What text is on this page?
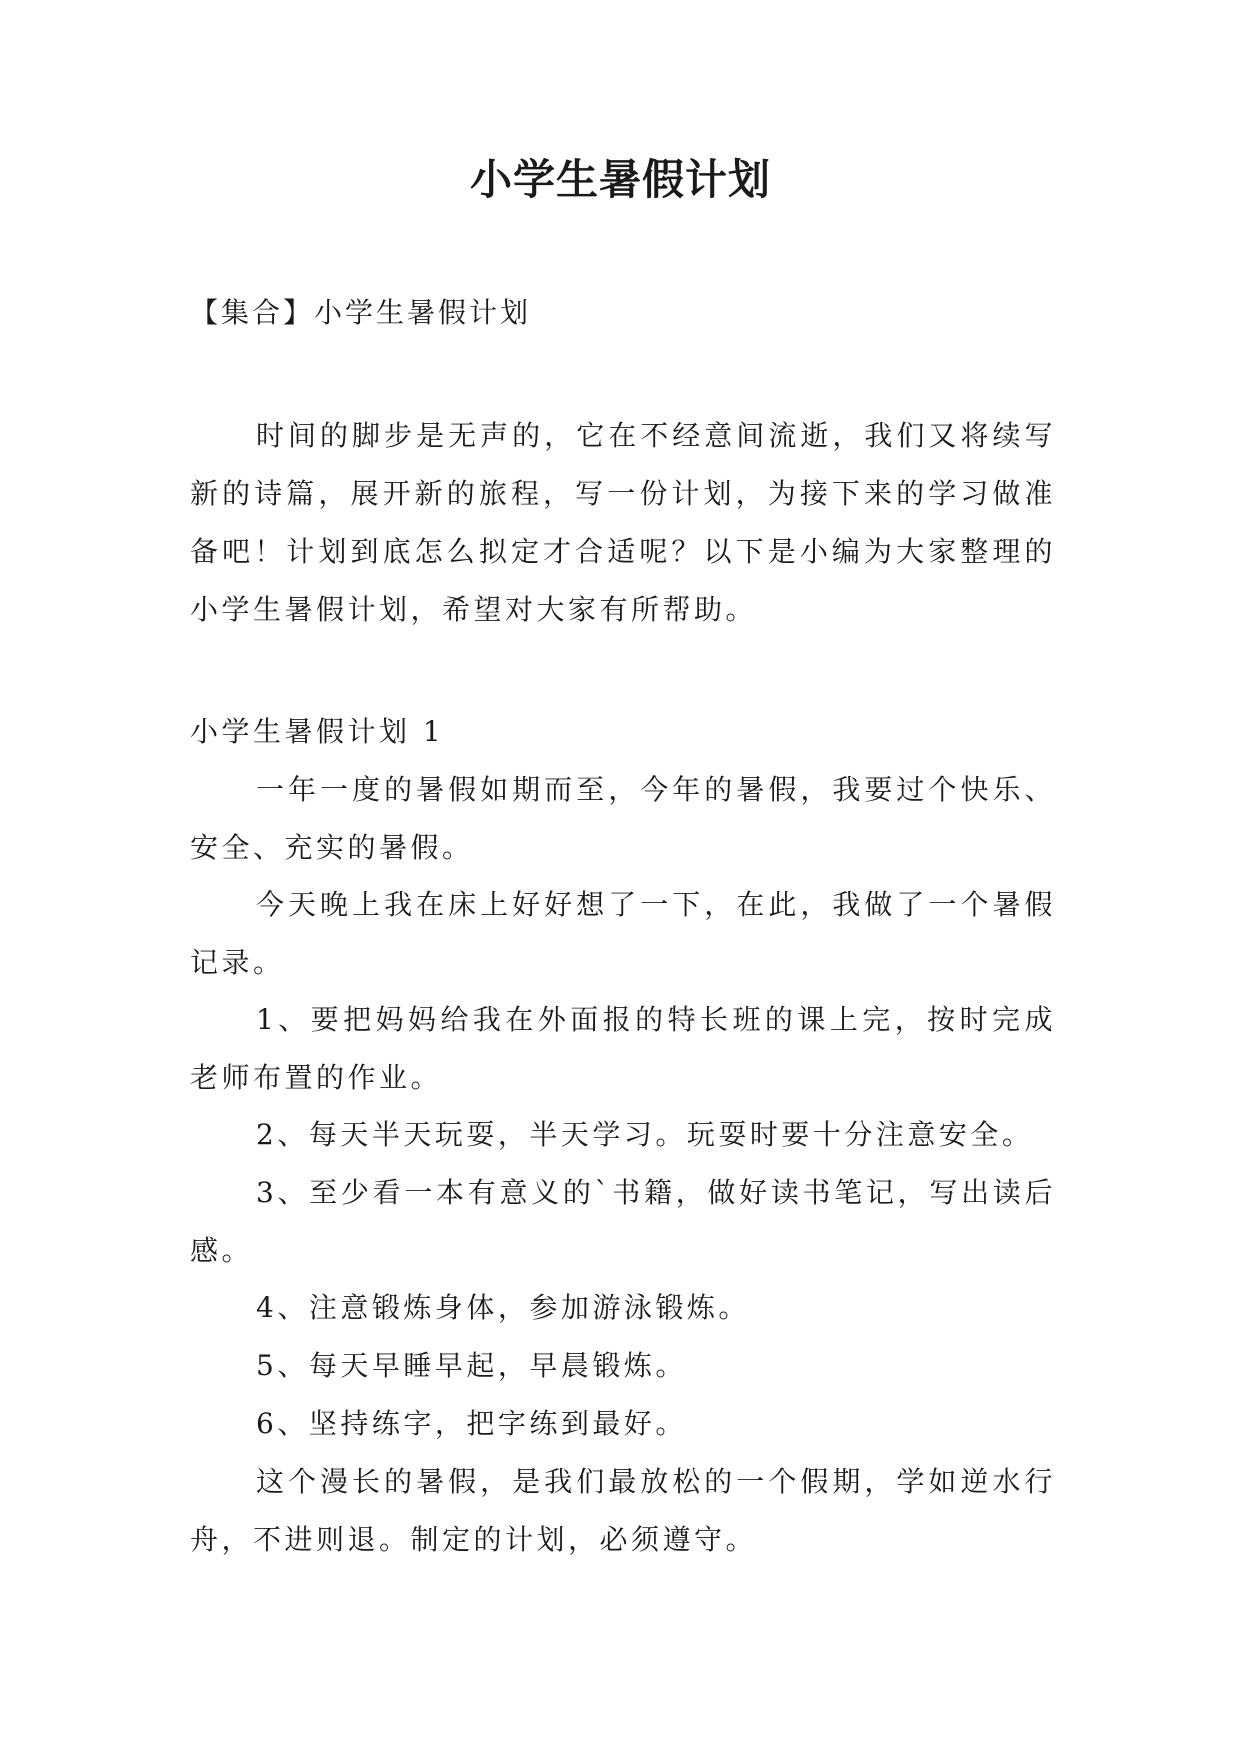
小学生暑假计划

【集合】小学生暑假计划

时间的脚步是无声的，它在不经意间流逝，我们又将续写新的诗篇，展开新的旅程，写一份计划，为接下来的学习做准备吧！计划到底怎么拟定才合适呢？以下是小编为大家整理的小学生暑假计划，希望对大家有所帮助。

小学生暑假计划 1

一年一度的暑假如期而至，今年的暑假，我要过个快乐、安全、充实的暑假。

今天晚上我在床上好好想了一下，在此，我做了一个暑假记录。

1、要把妈妈给我在外面报的特长班的课上完，按时完成老师布置的作业。

2、每天半天玩耍，半天学习。玩耍时要十分注意安全。

3、至少看一本有意义的`书籍，做好读书笔记，写出读后感。

4、注意锻炼身体，参加游泳锻炼。

5、每天早睡早起，早晨锻炼。

6、坚持练字，把字练到最好。

这个漫长的暑假，是我们最放松的一个假期，学如逆水行舟，不进则退。制定的计划，必须遵守。
